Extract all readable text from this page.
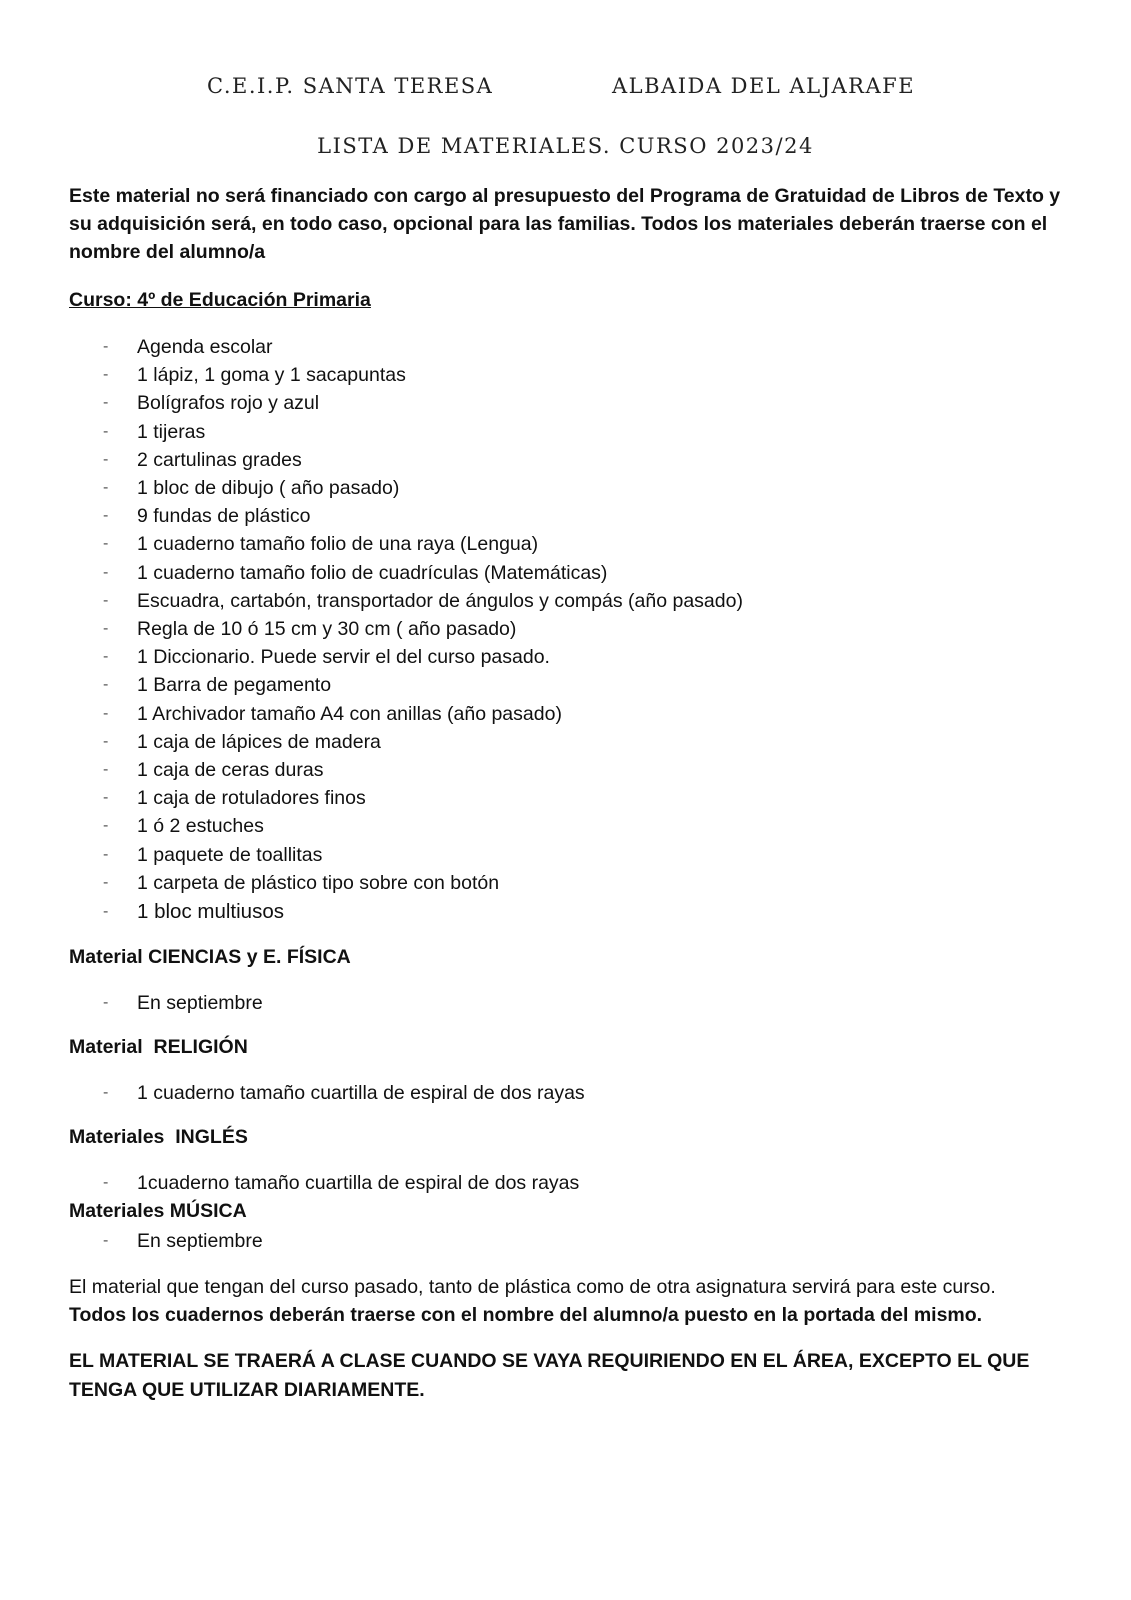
C.E.I.P. SANTA TERESA	ALBAIDA DEL ALJARAFE
LISTA DE MATERIALES. CURSO 2023/24

Este material no será financiado con cargo al presupuesto del Programa de Gratuidad de Libros de Texto y su adquisición será, en todo caso, opcional para las familias. Todos los materiales deberán traerse con el nombre del alumno/a

Curso: 4º de Educación Primaria

- Agenda escolar
- 1 lápiz, 1 goma y 1 sacapuntas
- Bolígrafos rojo y azul
- 1 tijeras
- 2 cartulinas grades
- 1 bloc de dibujo ( año pasado)
- 9 fundas de plástico
- 1 cuaderno tamaño folio de una raya (Lengua)
- 1 cuaderno tamaño folio de cuadrículas (Matemáticas)
- Escuadra, cartabón, transportador de ángulos y compás (año pasado)
- Regla de 10 ó 15 cm y 30 cm ( año pasado)
- 1 Diccionario. Puede servir el del curso pasado.
- 1 Barra de pegamento
- 1 Archivador tamaño A4 con anillas (año pasado)
- 1 caja de lápices de madera
- 1 caja de ceras duras
- 1 caja de rotuladores finos
- 1 ó 2 estuches
- 1 paquete de toallitas
- 1 carpeta de plástico tipo sobre con botón
- 1 bloc multiusos

Material CIENCIAS y E. FÍSICA

- En septiembre

Material RELIGIÓN

- 1 cuaderno tamaño cuartilla de espiral de dos rayas

Materiales INGLÉS

- 1cuaderno tamaño cuartilla de espiral de dos rayas

Materiales MÚSICA

- En septiembre

El material que tengan del curso pasado, tanto de plástica como de otra asignatura servirá para este curso.

Todos los cuadernos deberán traerse con el nombre del alumno/a puesto en la portada del mismo.

EL MATERIAL SE TRAERÁ A CLASE CUANDO SE VAYA REQUIRIENDO EN EL ÁREA, EXCEPTO EL QUE TENGA QUE UTILIZAR DIARIAMENTE.
